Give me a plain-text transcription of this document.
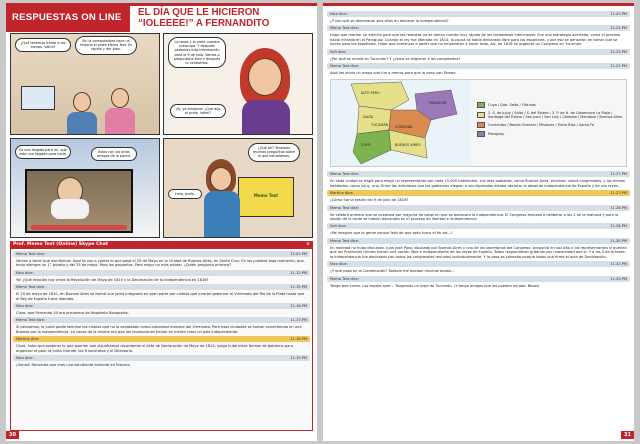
RESPUESTAS ON LINE	EL DÍA QUE LE HICIERON
“IOLEEEE!” A FERNANDITO
¿Qué tenemos frente a las compu, Valmi?
Sin la computadora hace un historia el profe Memo Test. Es rapido y dar bien.
La tarea y la profe nuestra preocupa. Y después podemos más información para el 9 de Julio. Vamos a preguntarle bien y después lo ventiamos.
¡Sí, ya empieza! ¿Qué dijo el profe, Valmi?
Es una llegada para mí, que esta una llegada para nada.
Estos con los otros amigos de la pared.
¿Qué tal? Tenemos muchas preguntas sobre lo que estudiamos.
Hola, profe.	Memo Test
Prof. Memo Test (Online) Skype Chat	×
Memo Test dice:	11.01.PM
Vamos a tener que escribirnos. Aquí te voy a contar lo que pasó el 25 de Mayo en la Ciudad de Buenos Aires, en Santa Cruz. En los pueblos bajo momento, que tenía siempre un 1° puesto y del 25 de mayo. Para los pequeños. Para mejor no más olvidar. ¿Quién pregunta primero?
Nico dice:	11.12.PM
Yo! ¿Qué relación hay entre la Revolución de Mayo de 1810 y la Declaración de la Independencia en 1816?
Memo Test dice:	11.15.PM
El 25 de mayo de 1810, en Buenos Aires se formó una junta integrada en gran parte por criollos que juraron gobernar el Virreinato del Río de la Plata hasta que el Rey de España fuera liberado.
Nico dice:	11.16.PM
Claro, que Fernando VII era prisionero de Napoleón Bonaparte.
Memo Test dice:	11.17.PM
Si pensamos, la Junta podía sentirse los criollos que no lo aceptaban como autoridad máxima del Virreinato. Pero esas ciudades se fueron convirtiendo en una Buenos por la independencia. La causa de la misma era que las revoluciones tenían en mente crear un país independiente.
Martina dice:	11.18.PM
Claro, hubo que sostener lo que querían que siguiéramos recordando el Acta de Declaración de Mayo de 1810, luego hubo otras formas de gobierno para organizar el país: la Junta Grande, los Triunviratos y el Directorio.
Nico dice:	11.19.PM
¡Genial! Recuerda que eres una estudiante brillante en historia.
30
Nico dice:	11.20.PM
¿Y por qué se demoraron seis años en declarar la independencia?
Memo Test dice:	11.22.PM
Hubo que montar un ejército para que los realistas no se dieran cuenta muy rápido de los verdaderos intenciones. Fue una estrategia acertada, como el proceso había iniciado en el Paraguay. Cuando el rey fue liberado en 1814, la causa se había declarado libre para los españoles, y por eso se pensaron en tomar que se hacen para los españoles. Hubo que comenzar a poder que no empezaran a hacer todo. Así, en 1816 se organizó un Congreso en Tucumán.
Sofi dice:	11.23.PM
¿Por qué se reunió en Tucumán? Y ¿cómo se eligieron a los congresales?
Memo Test dice:	11.25.PM
Aquí les envío un mapa que fue a menos para que lo vean son Tampe.
ALTO PERÚ
PARAGUAY
SALTA
TUCUMÁN CÓRDOBA
CUYO	BUENOS AIRES
Cuyo / Gob. Salta / Oficinas
2. S. de Jujuy / Salta / S. del Estero / 3. P. de H. de Catamarca La Rioja / Santiago del Estero / San Juan / San Luis / Córdoba / Mendoza / Buenos Aires
Corrientes / Banda Oriental / Misiones / Entre Ríos / Santa Fe
Paraguay
Memo Test dice:	11.27.PM
En cada ciudad se eligió para elegir un representante por cada 15.000 habitantes. Los más poblados, como Buenos Aires, enviaron varios congresales, y los menos habitados, como Jujuy, uno. Entre los individuos que los gobiernos elegían a sus diputados estaba declarar la absoluta independencia de España y de sus reyes.
Martina dice:	11.27.PM
¿Cómo fue la sesión del 9 de julio de 1816?
Memo Test dice:	11.28.PM
Se celebró primero que se aceptara por mayoría de votos en que se declarara la independencia. El Congreso empezó a deliberar a las 2 de la mañana y para la sesión de la tarde se habían declarado en el proceso de libertad e independencia.
Sofi dice:	11.28.PM
¡Me imagino que la gente estuvo feliz de que todo fuera al fin así...!
Memo Test dice:	11.30.PM
En realidad no hubo discusión. Juan José Paso, diputado por Buenos Aires y uno de los secretarios del Congreso, preguntó en voz alta a los representantes si querían que las Provincias Unidas fueran una nación libre e independiente de los reyes de España. Todos respondieron gritando por unanimidad que sí. Y a las 5 de la tarde, la Independencia fue declarada con todos los congresales reunidos individualmente. Y la casa se colmaba porque todos una firma el acta de Declaración.
Nico dice:	11.32.PM
¿Y qué pasó en la Constitución? Todavía me quedan muchas dudas...
Memo Test dice:	11.33.PM
Tengo que cortar. Los espero ayer... Tengamos un viaje de Tucumán. ¡Y tengo amigos que los pueden ayudar. Besos!
31
